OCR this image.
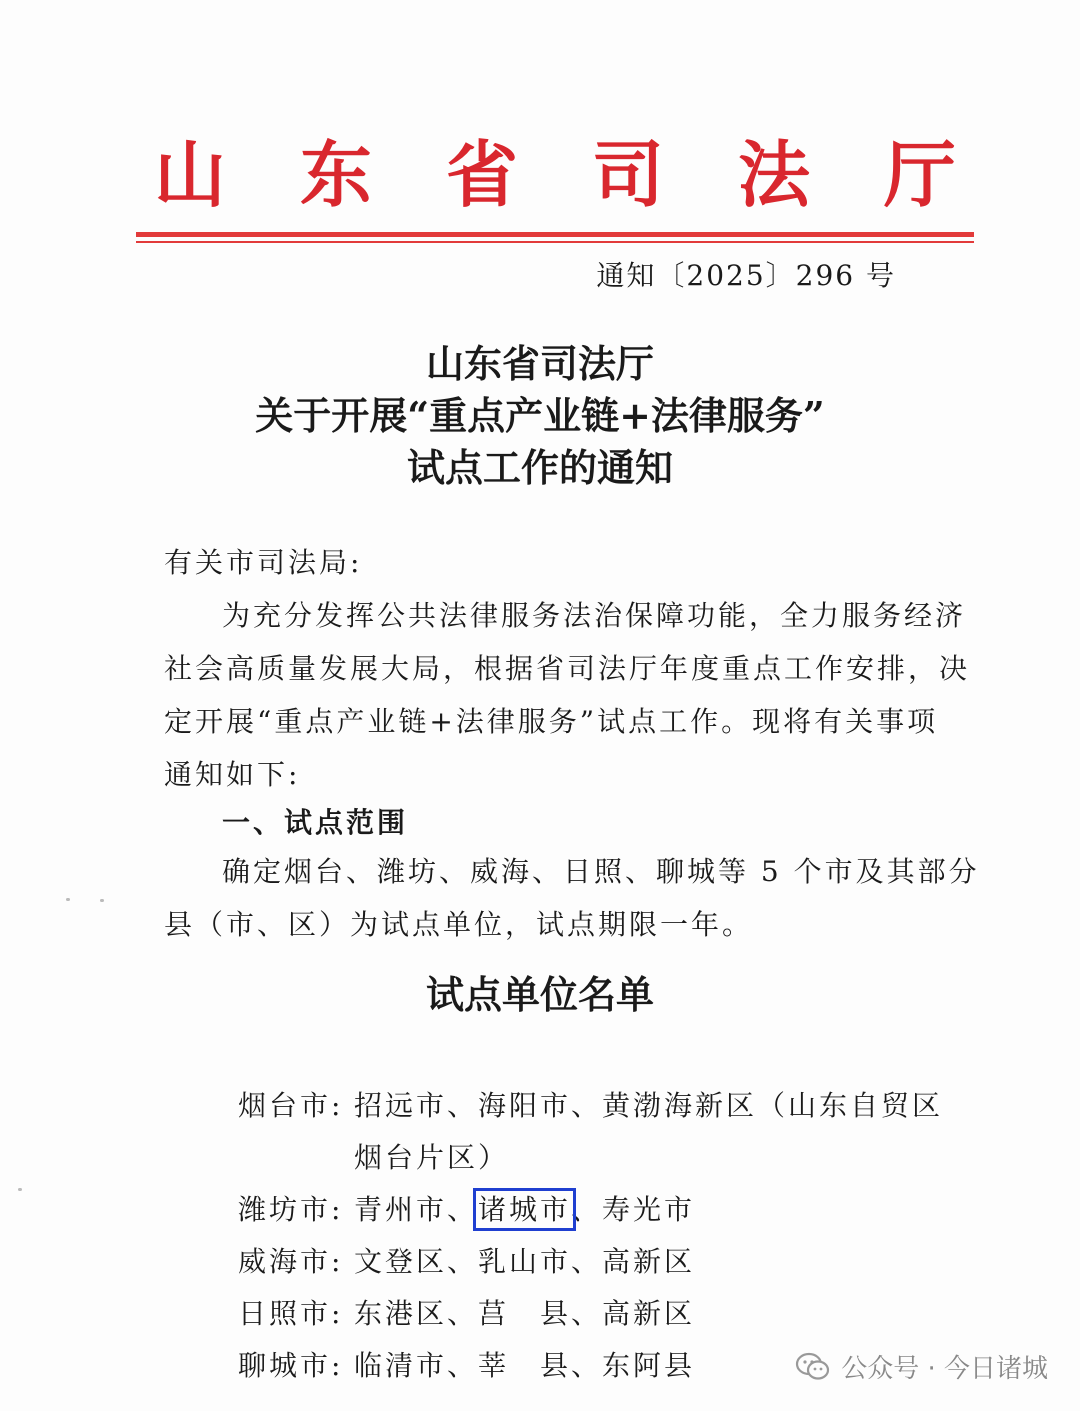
山 东 省 司 法 厅
通知〔2025〕296 号
山东省司法厅
关于开展“重点产业链+法律服务”
试点工作的通知
有关市司法局:
为充分发挥公共法律服务法治保障功能，全力服务经济
社会高质量发展大局，根据省司法厅年度重点工作安排，决
定开展“重点产业链+法律服务”试点工作。现将有关事项
通知如下:
一、试点范围
确定烟台、潍坊、威海、日照、聊城等 5 个市及其部分
县（市、区）为试点单位，试点期限一年。
试点单位名单
烟台市: 招远市、海阳市、黄渤海新区（山东自贸区
烟台片区）
潍坊市: 青州市、诸城市、寿光市
威海市: 文登区、乳山市、高新区
日照市: 东港区、莒　县、高新区
聊城市: 临清市、莘　县、东阿县	公众号 · 今日诸城
